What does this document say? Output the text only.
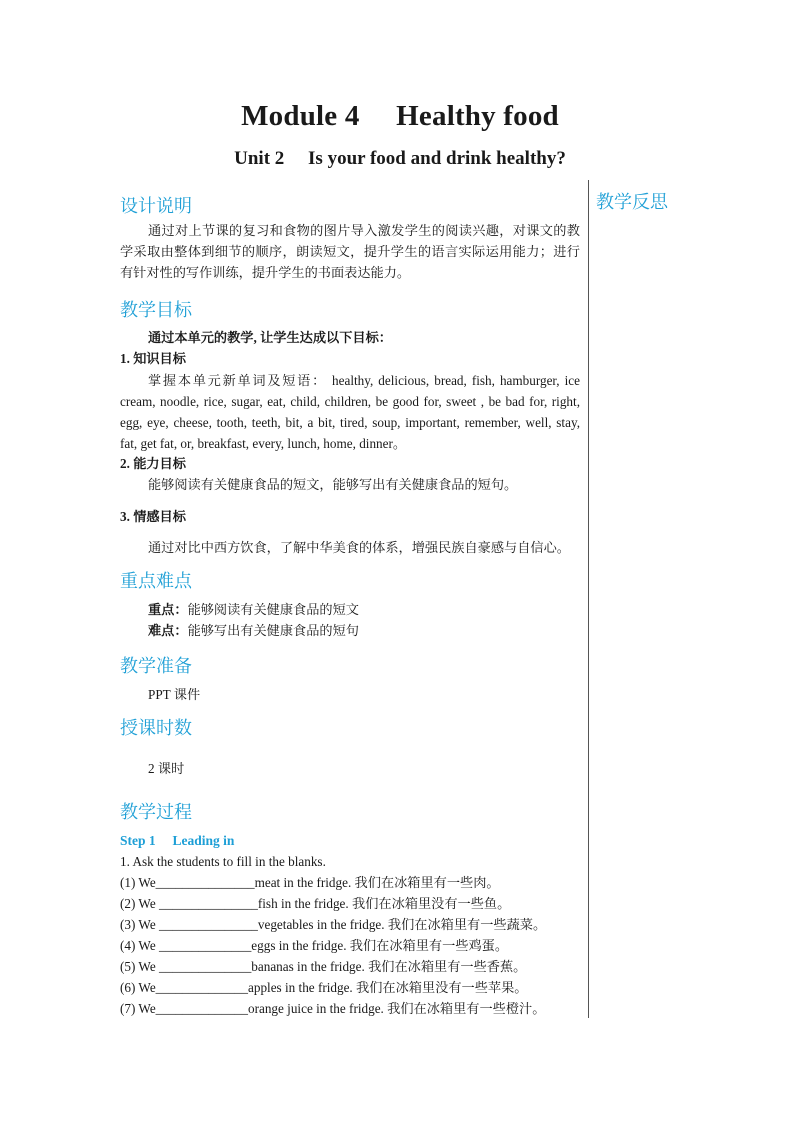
Module 4  Healthy food
Unit 2  Is your food and drink healthy?
教学反思
设计说明
通过对上节课的复习和食物的图片导入激发学生的阅读兴趣，对课文的教学采取由整体到细节的顺序，朗读短文，提升学生的语言实际运用能力；进行有针对性的写作训练，提升学生的书面表达能力。
教学目标
通过本单元的教学, 让学生达成以下目标：
1. 知识目标
掌握本单元新单词及短语： healthy, delicious, bread, fish, hamburger, ice cream, noodle, rice, sugar, eat, child, children, be good for, sweet , be bad for, right, egg, eye, cheese, tooth, teeth, bit, a bit, tired, soup, important, remember, well, stay, fat, get fat, or, breakfast, every, lunch, home, dinner。
2. 能力目标
能够阅读有关健康食品的短文，能够写出有关健康食品的短句。
3. 情感目标
通过对比中西方饮食，了解中华美食的体系，增强民族自豪感与自信心。
重点难点
重点：能够阅读有关健康食品的短文
难点：能够写出有关健康食品的短句
教学准备
PPT 课件
授课时数
2 课时
教学过程
Step 1  Leading in
1. Ask the students to fill in the blanks.
(1) We_______________meat in the fridge. 我们在冰箱里有一些肉。
(2) We _______________fish in the fridge. 我们在冰箱里没有一些鱼。
(3) We _______________vegetables in the fridge. 我们在冰箱里有一些蔬菜。
(4) We ______________eggs in the fridge. 我们在冰箱里有一些鸡蛋。
(5) We ______________bananas in the fridge. 我们在冰箱里有一些香蕉。
(6) We______________apples in the fridge. 我们在冰箱里没有一些苹果。
(7) We______________orange juice in the fridge. 我们在冰箱里有一些橙汁。
